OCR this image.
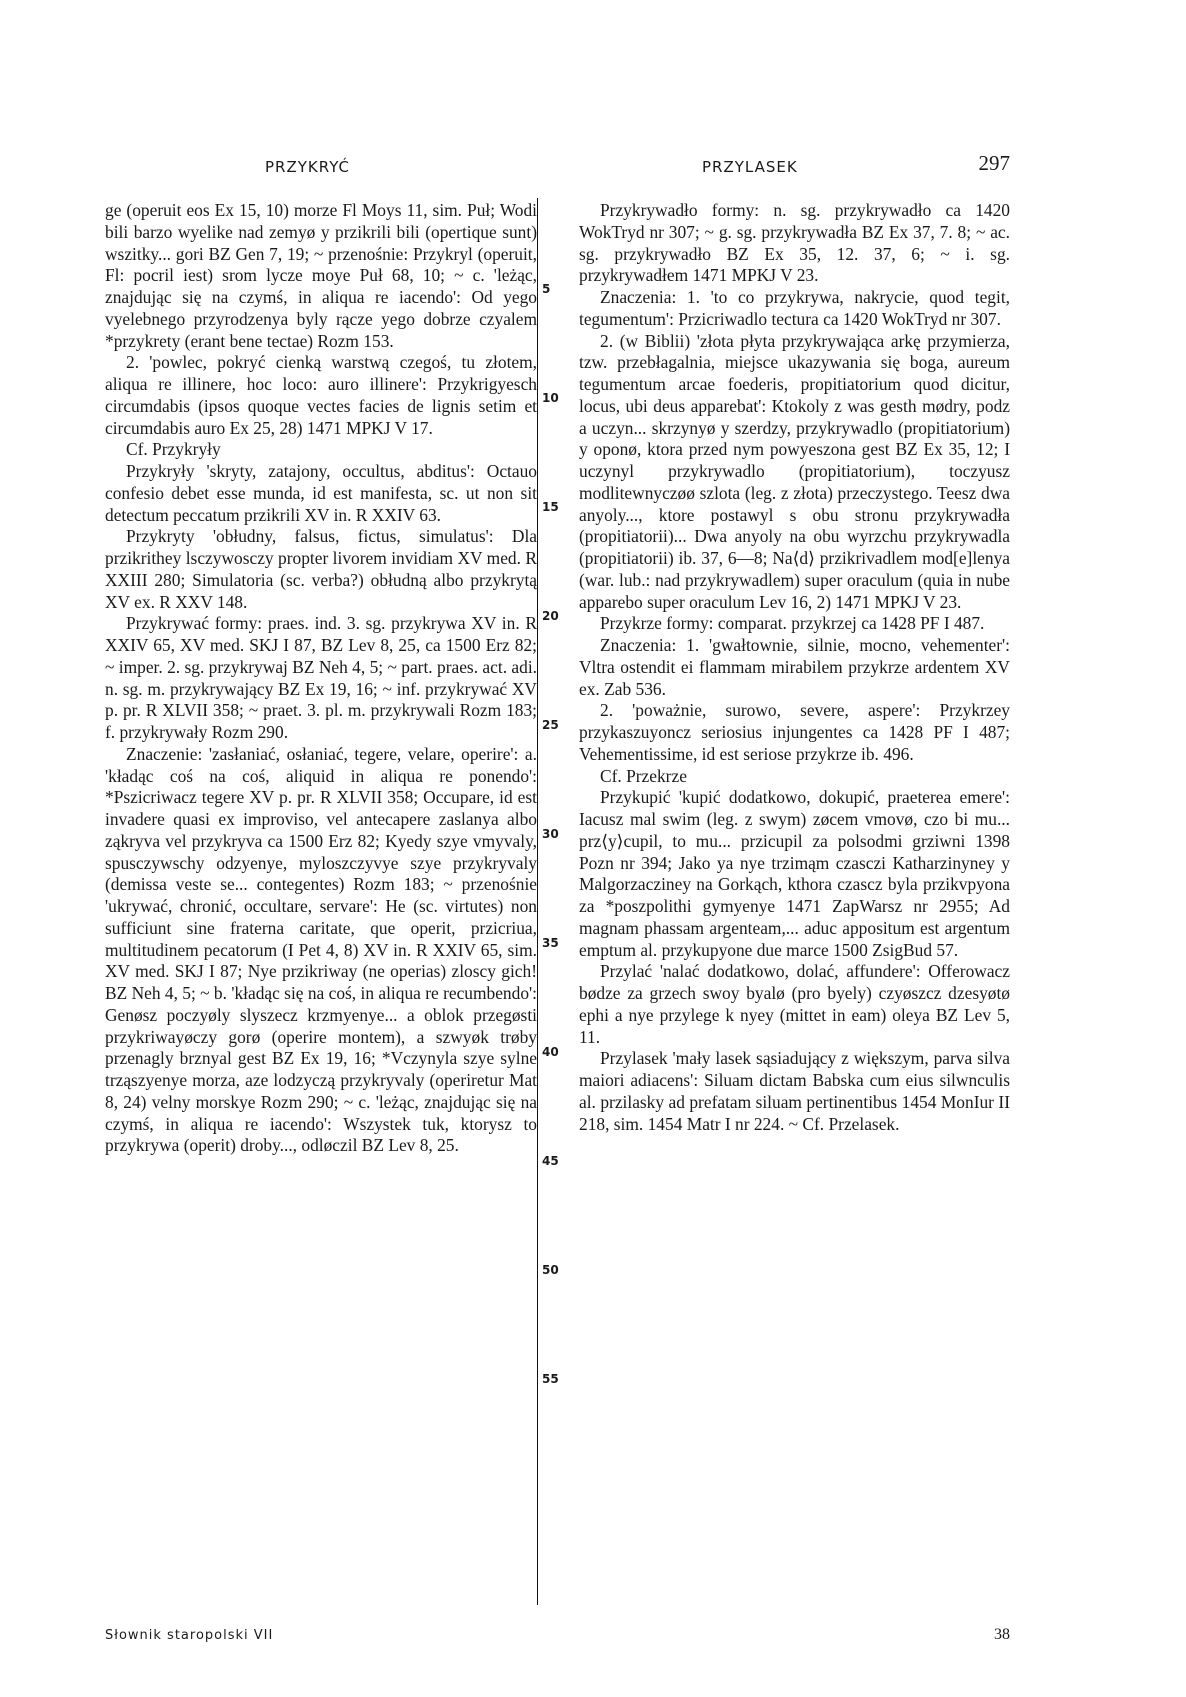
PRZYKRYĆ	PRZYLASEK	297

ge (operuit eos Ex 15, 10) morze Fl Moys 11, sim. Puł; Wodi bili barzo wyelike nad zemyø y przikrili bili (opertique sunt) wszitky... gori BZ Gen 7, 19; ~ przenośnie: Przykryl (operuit, Fl: pocril iest) srom lycze moye Puł 68, 10; ~ c. 'leżąc, znajdując się na czymś, in aliqua re iacendo': Od yego vyelebnego przyrodzenya byly rącze yego dobrze czyalem *przykrety (erant bene tectae) Rozm 153.

2. 'powlec, pokryć cienką warstwą czegoś, tu złotem, aliqua re illinere, hoc loco: auro illinere': Przykrigyesch circumdabis (ipsos quoque vectes facies de lignis setim et circumdabis auro Ex 25, 28) 1471 MPKJ V 17.

Cf. Przykryły

Przykryły 'skryty, zatajony, occultus, abditus': Octauo confesio debet esse munda, id est manifesta, sc. ut non sit detectum peccatum przikrili XV in. R XXIV 63.

Przykryty 'obłudny, falsus, fictus, simulatus': Dla przikrithey lsczywosczy propter livorem invidiam XV med. R XXIII 280; Simulatoria (sc. verba?) obłudną albo przykrytą XV ex. R XXV 148.

Przykrywać formy: praes. ind. 3. sg. przykrywa XV in. R XXIV 65, XV med. SKJ I 87, BZ Lev 8, 25, ca 1500 Erz 82; ~ imper. 2. sg. przykrywaj BZ Neh 4, 5; ~ part. praes. act. adi. n. sg. m. przykrywający BZ Ex 19, 16; ~ inf. przykrywać XV p. pr. R XLVII 358; ~ praet. 3. pl. m. przykrywali Rozm 183; f. przykrywały Rozm 290.

Znaczenie: 'zasłaniać, osłaniać, tegere, velare, operire': a. 'kładąc coś na coś, aliquid in aliqua re ponendo': *Pszicriwacz tegere XV p. pr. R XLVII 358; Occupare, id est invadere quasi ex improviso, vel antecapere zaslanya albo ząkryva vel przykryva ca 1500 Erz 82; Kyedy szye vmyvaly, spusczywschy odzyenye, myloszczyvye szye przykryvaly (demissa veste se... contegentes) Rozm 183; ~ przenośnie 'ukrywać, chronić, occultare, servare': He (sc. virtutes) non sufficiunt sine fraterna caritate, que operit, przicriua, multitudinem pecatorum (I Pet 4, 8) XV in. R XXIV 65, sim. XV med. SKJ I 87; Nye przikriway (ne operias) zloscy gich! BZ Neh 4, 5; ~ b. 'kładąc się na coś, in aliqua re recumbendo': Genøsz poczyøly slyszecz krzmyenye... a oblok przegøsti przykriwayøczy gorø (operire montem), a szwyøk trøby przenagly brznyal gest BZ Ex 19, 16; *Vczynyla szye sylne trząszyenye morza, aze lodzyczą przykryvaly (operiretur Mat 8, 24) velny morskye Rozm 290; ~ c. 'leżąc, znajdując się na czymś, in aliqua re iacendo': Wszystek tuk, ktorysz to przykrywa (operit) droby..., odløczil BZ Lev 8, 25.

5
10
15
20
25
30
35
40
45
50
55

Przykrywadło formy: n. sg. przykrywadło ca 1420 WokTryd nr 307; ~ g. sg. przykrywadła BZ Ex 37, 7. 8; ~ ac. sg. przykrywadło BZ Ex 35, 12. 37, 6; ~ i. sg. przykrywadłem 1471 MPKJ V 23.

Znaczenia: 1. 'to co przykrywa, nakrycie, quod tegit, tegumentum': Przicriwadlo tectura ca 1420 WokTryd nr 307.

2. (w Biblii) 'złota płyta przykrywająca arkę przymierza, tzw. przebłagalnia, miejsce ukazywania się boga, aureum tegumentum arcae foederis, propitiatorium quod dicitur, locus, ubi deus apparebat': Ktokoly z was gesth mødry, podz a uczyn... skrzynyø y szerdzy, przykrywadlo (propitiatorium) y oponø, ktora przed nym powyeszona gest BZ Ex 35, 12; I uczynyl przykrywadlo (propitiatorium), toczyusz modlitewnyczøø szlota (leg. z złota) przeczystego. Teesz dwa anyoly..., ktore postawyl s obu stronu przykrywadła (propitiatorii)... Dwa anyoly na obu wyrzchu przykrywadla (propitiatorii) ib. 37, 6—8; Na⟨d⟩ przikrivadlem mod[e]lenya (war. lub.: nad przykrywadlem) super oraculum (quia in nube apparebo super oraculum Lev 16, 2) 1471 MPKJ V 23.

Przykrze formy: comparat. przykrzej ca 1428 PF I 487.

Znaczenia: 1. 'gwałtownie, silnie, mocno, vehementer': Vltra ostendit ei flammam mirabilem przykrze ardentem XV ex. Zab 536.

2. 'poważnie, surowo, severe, aspere': Przykrzey przykaszuyoncz seriosius injungentes ca 1428 PF I 487; Vehementissime, id est seriose przykrze ib. 496.

Cf. Przekrze

Przykupić 'kupić dodatkowo, dokupić, praeterea emere': Iacusz mal swim (leg. z swym) zøcem vmovø, czo bi mu... prz⟨y⟩cupil, to mu... przicupil za polsodmi grziwni 1398 Pozn nr 394; Jako ya nye trzimąm czasczi Katharzinyney y Malgorzacziney na Gorkąch, kthora czascz byla przikvpyona za *poszpolithi gymyenye 1471 ZapWarsz nr 2955; Ad magnam phassam argenteam,... aduc appositum est argentum emptum al. przykupyone due marce 1500 ZsigBud 57.

Przylać 'nalać dodatkowo, dolać, affundere': Offerowacz bødze za grzech swoy byalø (pro byely) czyøszcz dzesyøtø ephi a nye przylege k nyey (mittet in eam) oleya BZ Lev 5, 11.

Przylasek 'mały lasek sąsiadujący z większym, parva silva maiori adiacens': Siluam dictam Babska cum eius silwnculis al. przilasky ad prefatam siluam pertinentibus 1454 MonIur II 218, sim. 1454 Matr I nr 224. ~ Cf. Przelasek.

Słownik staropolski VII	38
